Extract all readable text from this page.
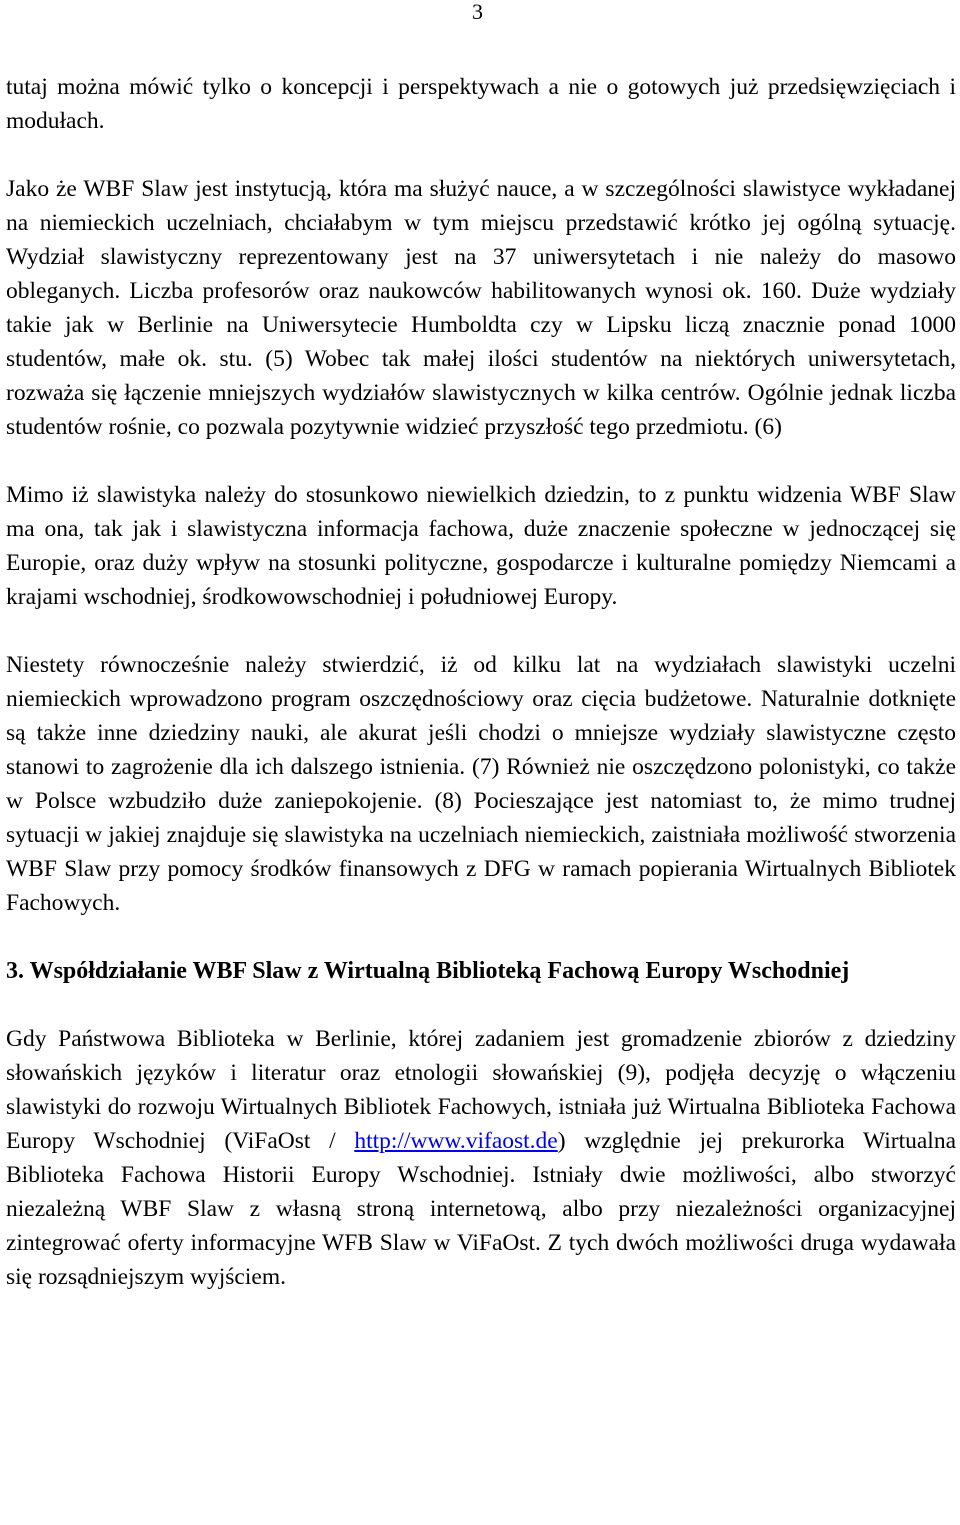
3

tutaj można mówić tylko o koncepcji i perspektywach a nie o gotowych już przedsięwzięciach i modułach.

Jako że WBF Slaw jest instytucją, która ma służyć nauce, a w szczególności slawistyce wykładanej na niemieckich uczelniach, chciałabym w tym miejscu przedstawić krótko jej ogólną sytuację. Wydział slawistyczny reprezentowany jest na 37 uniwersytetach i nie należy do masowo obleganych. Liczba profesorów oraz naukowców habilitowanych wynosi ok. 160. Duże wydziały takie jak w Berlinie na Uniwersytecie Humboldta czy w Lipsku liczą znacznie ponad 1000 studentów, małe ok. stu. (5) Wobec tak małej ilości studentów na niektórych uniwersytetach, rozważa się łączenie mniejszych wydziałów slawistycznych w kilka centrów. Ogólnie jednak liczba studentów rośnie, co pozwala pozytywnie widzieć przyszłość tego przedmiotu. (6)

Mimo iż slawistyka należy do stosunkowo niewielkich dziedzin, to z punktu widzenia WBF Slaw ma ona, tak jak i slawistyczna informacja fachowa, duże znaczenie społeczne w jednoczącej się Europie, oraz duży wpływ na stosunki polityczne, gospodarcze i kulturalne pomiędzy Niemcami a krajami wschodniej, środkowowschodniej i południowej Europy.

Niestety równocześnie należy stwierdzić, iż od kilku lat na wydziałach slawistyki uczelni niemieckich wprowadzono program oszczędnościowy oraz cięcia budżetowe. Naturalnie dotknięte są także inne dziedziny nauki, ale akurat jeśli chodzi o mniejsze wydziały slawistyczne często stanowi to zagrożenie dla ich dalszego istnienia. (7) Również nie oszczędzono polonistyki, co także w Polsce wzbudziło duże zaniepokojenie. (8) Pocieszające jest natomiast to, że mimo trudnej sytuacji w jakiej znajduje się slawistyka na uczelniach niemieckich, zaistniała możliwość stworzenia WBF Slaw przy pomocy środków finansowych z DFG w ramach popierania Wirtualnych Bibliotek Fachowych.

3. Współdziałanie WBF Slaw z Wirtualną Biblioteką Fachową Europy Wschodniej

Gdy Państwowa Biblioteka w Berlinie, której zadaniem jest gromadzenie zbiorów z dziedziny słowańskich języków i literatur oraz etnologii słowańskiej (9), podjęła decyzję o włączeniu slawistyki do rozwoju Wirtualnych Bibliotek Fachowych, istniała już Wirtualna Biblioteka Fachowa Europy Wschodniej (ViFaOst / http://www.vifaost.de) względnie jej prekurorka Wirtualna Biblioteka Fachowa Historii Europy Wschodniej. Istniały dwie możliwości, albo stworzyć niezależną WBF Slaw z własną stroną internetową, albo przy niezależności organizacyjnej zintegrować oferty informacyjne WFB Slaw w ViFaOst. Z tych dwóch możliwości druga wydawała się rozsądniejszym wyjściem.
